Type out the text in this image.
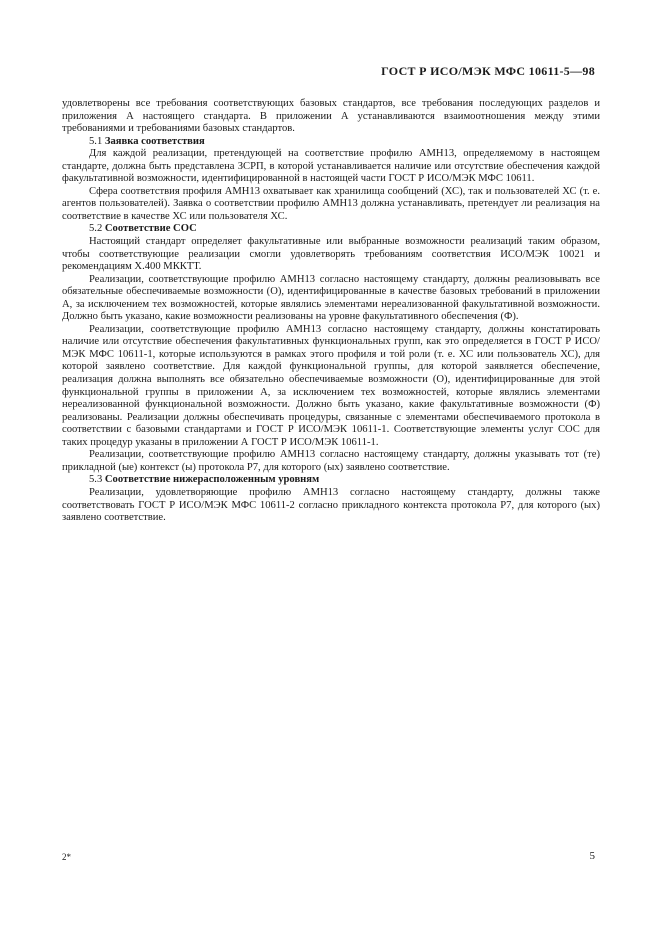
ГОСТ Р ИСО/МЭК МФС 10611-5—98

удовлетворены все требования соответствующих базовых стандартов, все требования последующих разделов и приложения А настоящего стандарта. В приложении А устанавливаются взаимоотношения между этими требованиями и требованиями базовых стандартов.

5.1 Заявка соответствия

Для каждой реализации, претендующей на соответствие профилю АМН13, определяемому в настоящем стандарте, должна быть представлена ЗСРП, в которой устанавливается наличие или отсутствие обеспечения каждой факультативной возможности, идентифицированной в настоящей части ГОСТ Р ИСО/МЭК МФС 10611.

Сфера соответствия профиля АМН13 охватывает как хранилища сообщений (ХС), так и пользователей ХС (т. е. агентов пользователей). Заявка о соответствии профилю АМН13 должна устанавливать, претендует ли реализация на соответствие в качестве ХС или пользователя ХС.

5.2 Соответствие СОС

Настоящий стандарт определяет факультативные или выбранные возможности реализаций таким образом, чтобы соответствующие реализации смогли удовлетворять требованиям соответствия ИСО/МЭК 10021 и рекомендациям Х.400 МККТТ.

Реализации, соответствующие профилю АМН13 согласно настоящему стандарту, должны реализовывать все обязательные обеспечиваемые возможности (О), идентифицированные в качестве базовых требований в приложении А, за исключением тех возможностей, которые являлись элементами нереализованной факультативной возможности. Должно быть указано, какие возможности реализованы на уровне факультативного обеспечения (Ф).

Реализации, соответствующие профилю АМН13 согласно настоящему стандарту, должны констатировать наличие или отсутствие обеспечения факультативных функциональных групп, как это определяется в ГОСТ Р ИСО/МЭК МФС 10611-1, которые используются в рамках этого профиля и той роли (т. е. ХС или пользователь ХС), для которой заявлено соответствие. Для каждой функциональной группы, для которой заявляется обеспечение, реализация должна выполнять все обязательно обеспечиваемые возможности (О), идентифицированные для этой функциональной группы в приложении А, за исключением тех возможностей, которые являлись элементами нереализованной функциональной возможности. Должно быть указано, какие факультативные возможности (Ф) реализованы. Реализации должны обеспечивать процедуры, связанные с элементами обеспечиваемого протокола в соответствии с базовыми стандартами и ГОСТ Р ИСО/МЭК 10611-1. Соответствующие элементы услуг СОС для таких процедур указаны в приложении А ГОСТ Р ИСО/МЭК 10611-1.

Реализации, соответствующие профилю АМН13 согласно настоящему стандарту, должны указывать тот (те) прикладной (ые) контекст (ы) протокола Р7, для которого (ых) заявлено соответствие.

5.3 Соответствие нижерасположенным уровням

Реализации, удовлетворяющие профилю АМН13 согласно настоящему стандарту, должны также соответствовать ГОСТ Р ИСО/МЭК МФС 10611-2 согласно прикладного контекста протокола Р7, для которого (ых) заявлено соответствие.

2*	5
